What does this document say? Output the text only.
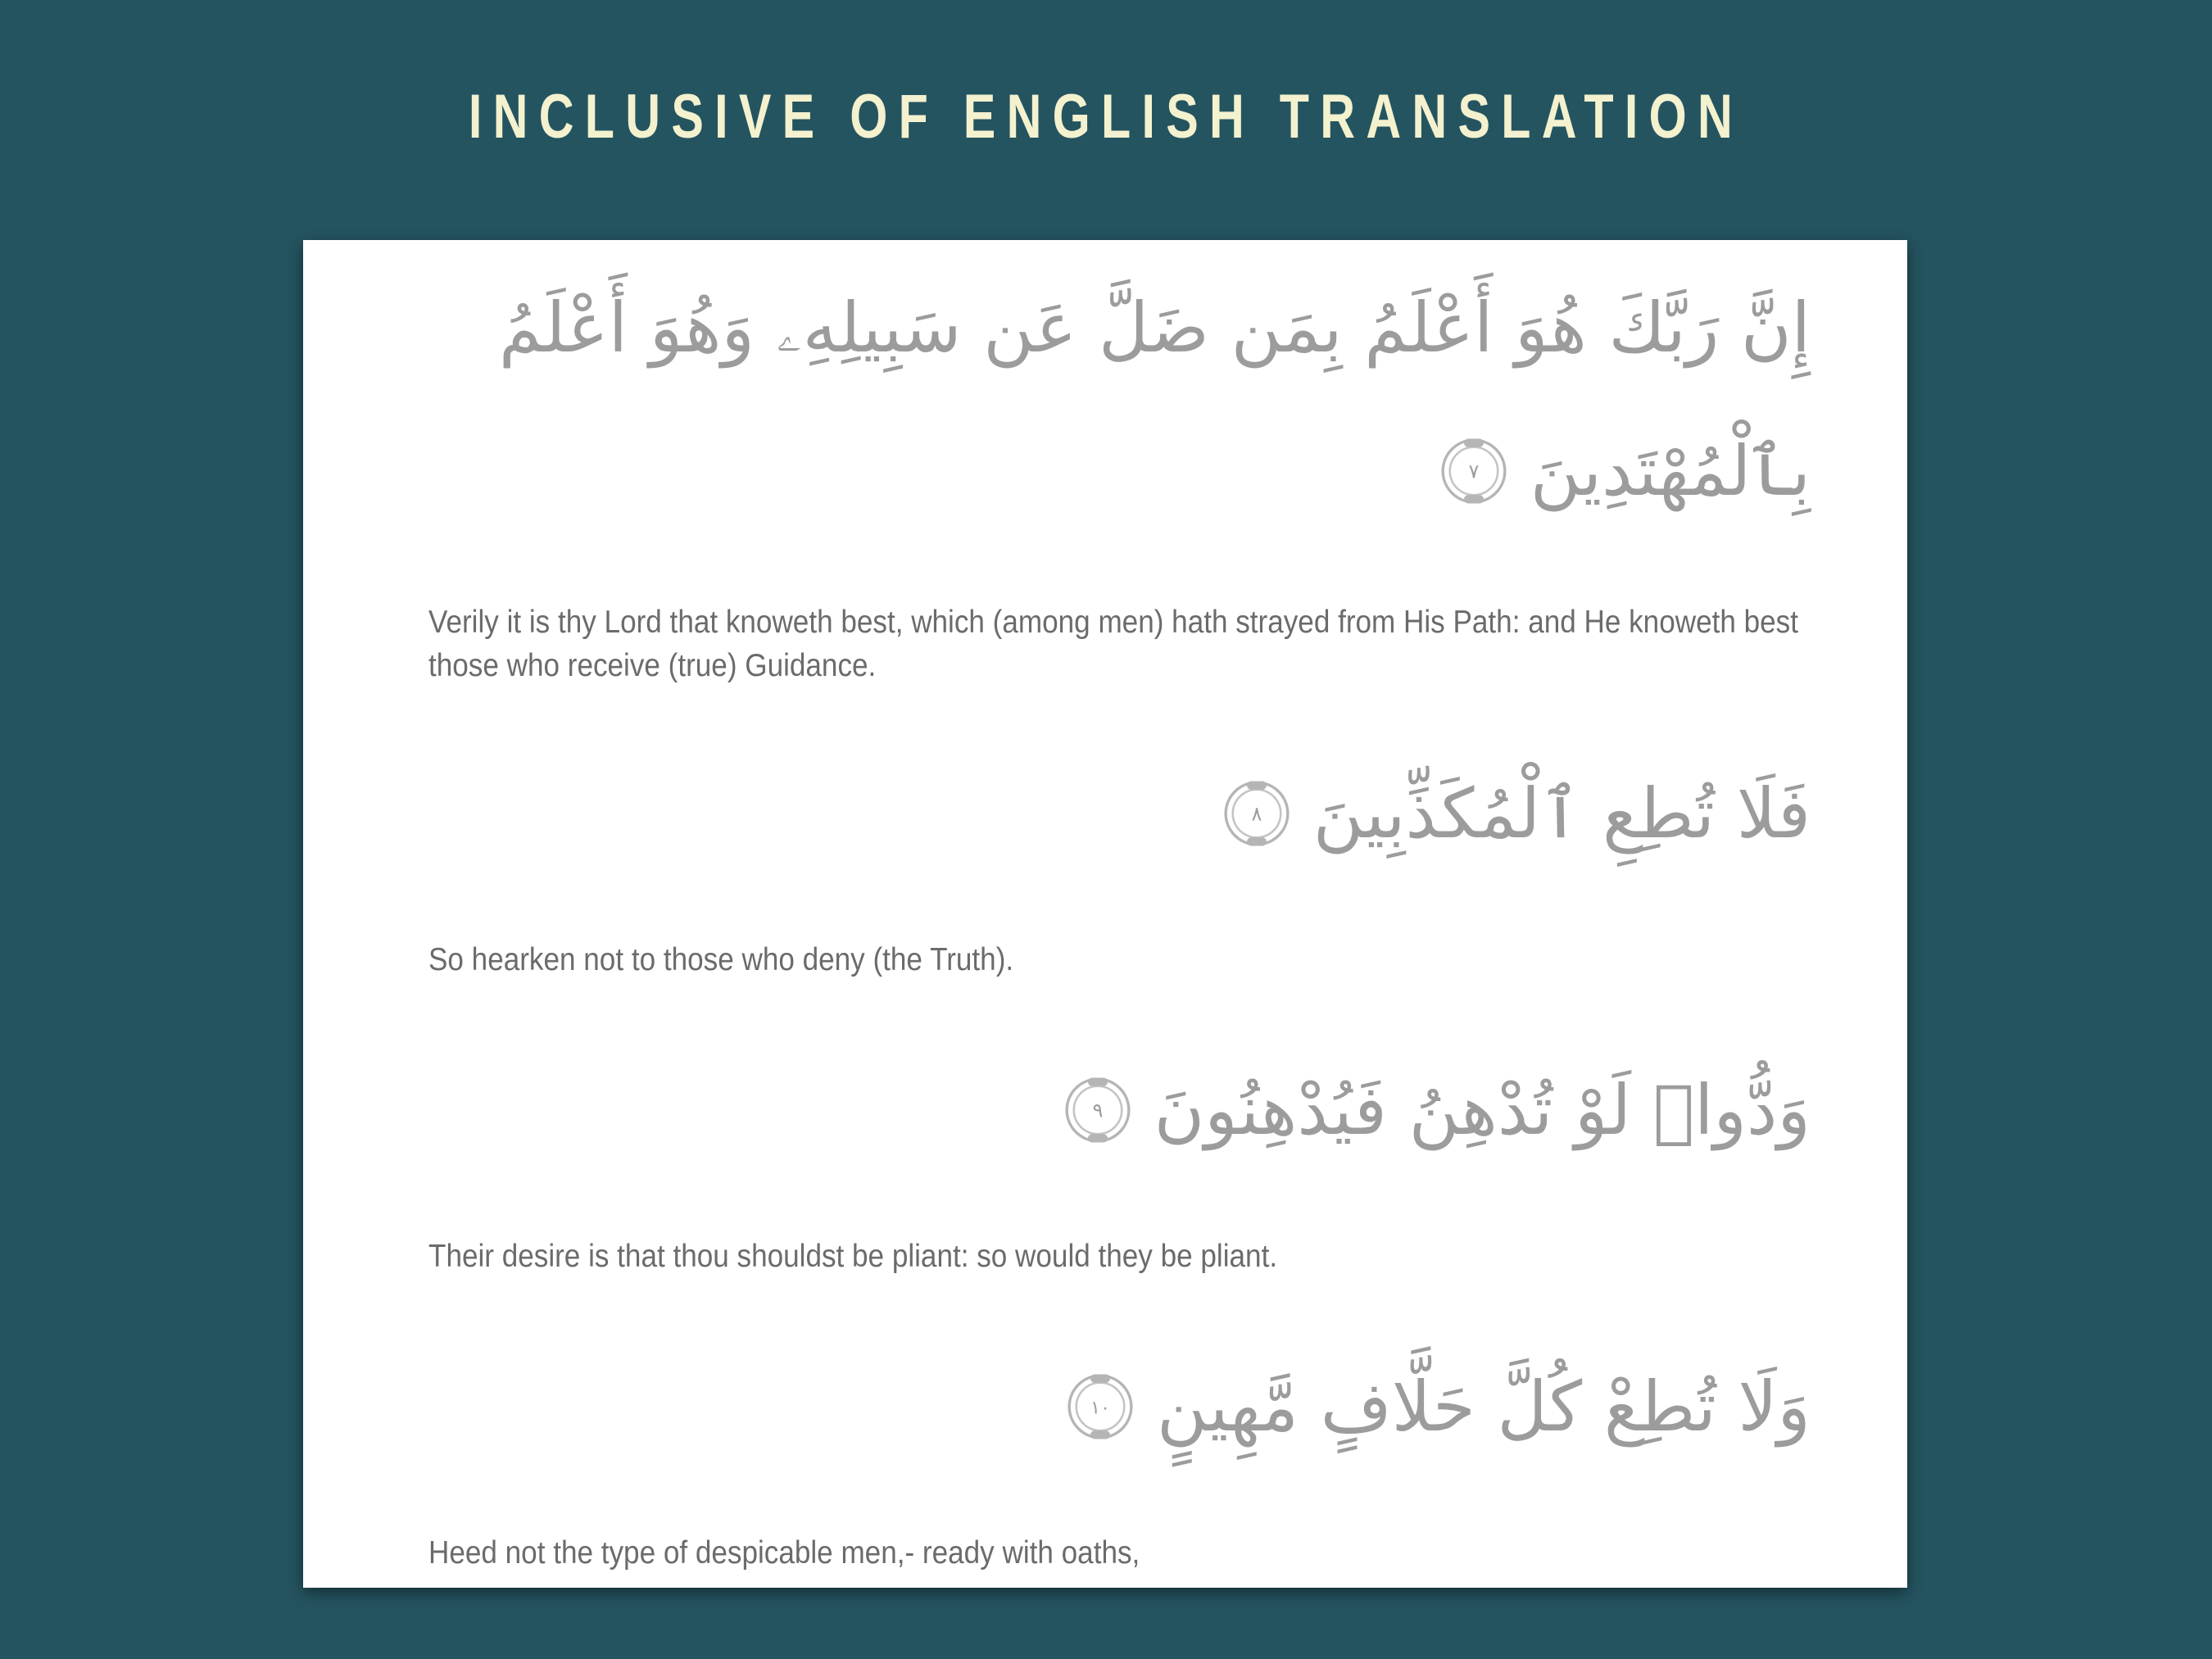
INCLUSIVE OF ENGLISH TRANSLATION
إِنَّ رَبَّكَ هُوَ أَعْلَمُ بِمَن ضَلَّ عَن سَبِيلِهِۦ وَهُوَ أَعْلَمُ
بِٱلْمُهْتَدِينَ
٧
Verily it is thy Lord that knoweth best, which (among men) hath strayed from His Path: and He knoweth best those who receive (true) Guidance.
فَلَا تُطِعِ ٱلْمُكَذِّبِينَ
٨
So hearken not to those who deny (the Truth).
وَدُّوا۟ لَوْ تُدْهِنُ فَيُدْهِنُونَ
٩
Their desire is that thou shouldst be pliant: so would they be pliant.
وَلَا تُطِعْ كُلَّ حَلَّافٍ مَّهِينٍ
١٠
Heed not the type of despicable men,- ready with oaths,
